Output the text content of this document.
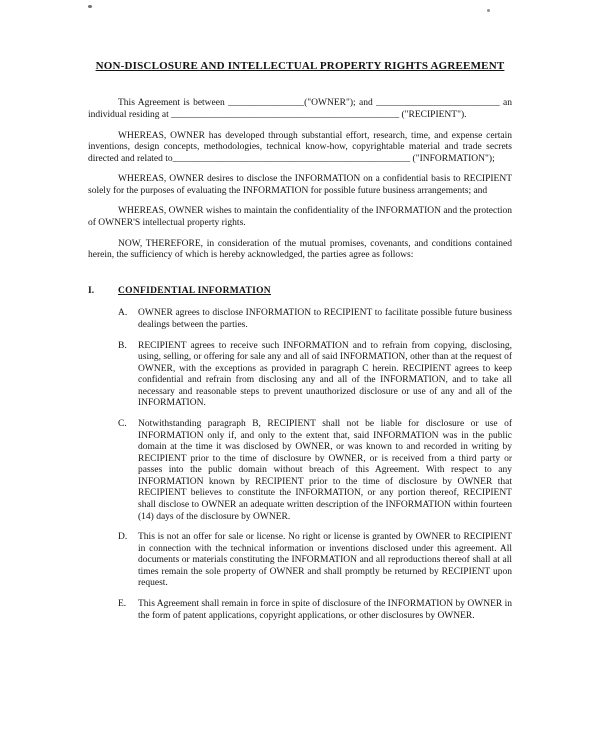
NON-DISCLOSURE AND INTELLECTUAL PROPERTY RIGHTS AGREEMENT

This Agreement is between ________________("OWNER"); and __________________________ an individual residing at ________________________________________________ ("RECIPIENT").

WHEREAS, OWNER has developed through substantial effort, research, time, and expense certain inventions, design concepts, methodologies, technical know-how, copyrightable material and trade secrets directed and related to__________________________________________________ ("INFORMATION");

WHEREAS, OWNER desires to disclose the INFORMATION on a confidential basis to RECIPIENT solely for the purposes of evaluating the INFORMATION for possible future business arrangements; and

WHEREAS, OWNER wishes to maintain the confidentiality of the INFORMATION and the protection of OWNER'S intellectual property rights.

NOW, THEREFORE, in consideration of the mutual promises, covenants, and conditions contained herein, the sufficiency of which is hereby acknowledged, the parties agree as follows:

I.	CONFIDENTIAL INFORMATION
A.	OWNER agrees to disclose INFORMATION to RECIPIENT to facilitate possible future business dealings between the parties.
B.	RECIPIENT agrees to receive such INFORMATION and to refrain from copying, disclosing, using, selling, or offering for sale any and all of said INFORMATION, other than at the request of OWNER, with the exceptions as provided in paragraph C herein. RECIPIENT agrees to keep confidential and refrain from disclosing any and all of the INFORMATION, and to take all necessary and reasonable steps to prevent unauthorized disclosure or use of any and all of the INFORMATION.
C.	Notwithstanding paragraph B, RECIPIENT shall not be liable for disclosure or use of INFORMATION only if, and only to the extent that, said INFORMATION was in the public domain at the time it was disclosed by OWNER, or was known to and recorded in writing by RECIPIENT prior to the time of disclosure by OWNER, or is received from a third party or passes into the public domain without breach of this Agreement. With respect to any INFORMATION known by RECIPIENT prior to the time of disclosure by OWNER that RECIPIENT believes to constitute the INFORMATION, or any portion thereof, RECIPIENT shall disclose to OWNER an adequate written description of the INFORMATION within fourteen (14) days of the disclosure by OWNER.
D.	This is not an offer for sale or license. No right or license is granted by OWNER to RECIPIENT in connection with the technical information or inventions disclosed under this agreement. All documents or materials constituting the INFORMATION and all reproductions thereof shall at all times remain the sole property of OWNER and shall promptly be returned by RECIPIENT upon request.
E.	This Agreement shall remain in force in spite of disclosure of the INFORMATION by OWNER in the form of patent applications, copyright applications, or other disclosures by OWNER.
